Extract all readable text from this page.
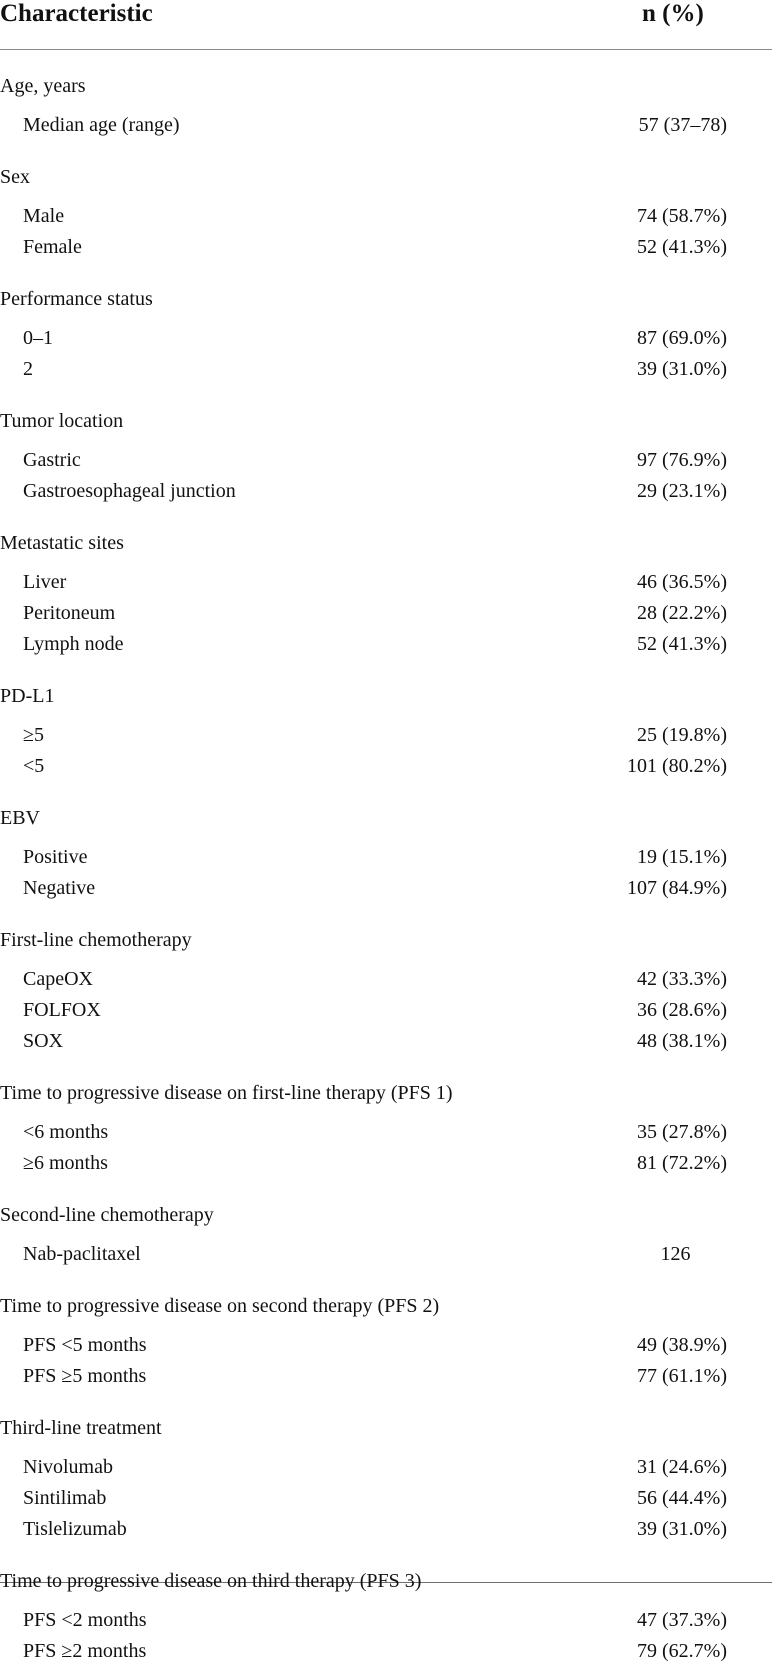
Characteristic	n (%)
Age, years
Median age (range)	57 (37–78)
Sex
Male	74 (58.7%)
Female	52 (41.3%)
Performance status
0–1	87 (69.0%)
2	39 (31.0%)
Tumor location
Gastric	97 (76.9%)
Gastroesophageal junction	29 (23.1%)
Metastatic sites
Liver	46 (36.5%)
Peritoneum	28 (22.2%)
Lymph node	52 (41.3%)
PD-L1
≥5	25 (19.8%)
<5	101 (80.2%)
EBV
Positive	19 (15.1%)
Negative	107 (84.9%)
First-line chemotherapy
CapeOX	42 (33.3%)
FOLFOX	36 (28.6%)
SOX	48 (38.1%)
Time to progressive disease on first-line therapy (PFS 1)
<6 months	35 (27.8%)
≥6 months	81 (72.2%)
Second-line chemotherapy
Nab-paclitaxel	126
Time to progressive disease on second therapy (PFS 2)
PFS <5 months	49 (38.9%)
PFS ≥5 months	77 (61.1%)
Third-line treatment
Nivolumab	31 (24.6%)
Sintilimab	56 (44.4%)
Tislelizumab	39 (31.0%)
Time to progressive disease on third therapy (PFS 3)
PFS <2 months	47 (37.3%)
PFS ≥2 months	79 (62.7%)
